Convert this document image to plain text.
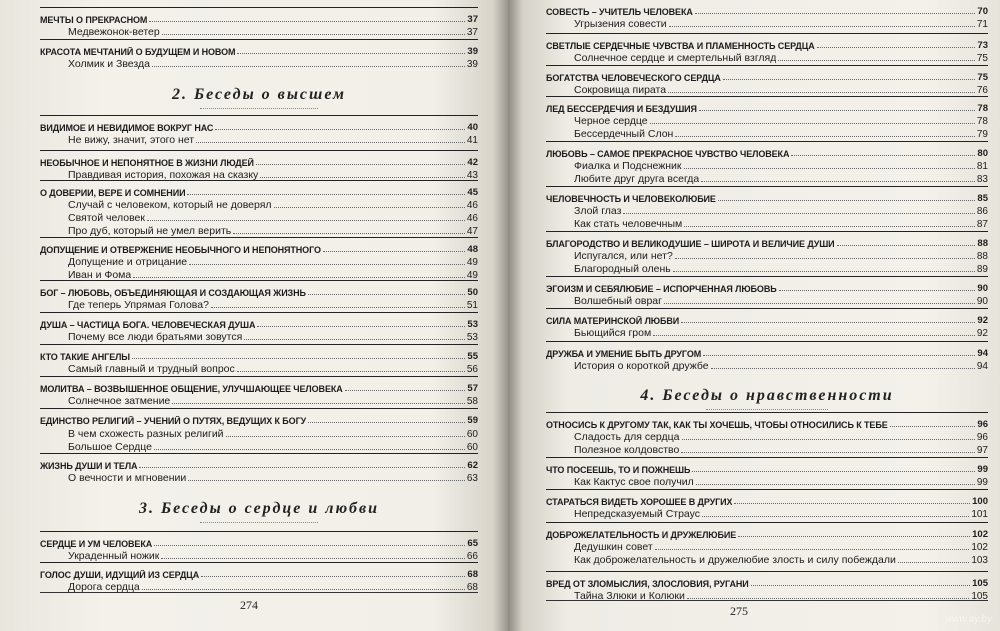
МЕЧТЫ О ПРЕКРАСНОМ	37
Медвежонок-ветер	37
КРАСОТА МЕЧТАНИЙ О БУДУЩЕМ И НОВОМ	39
Холмик и Звезда	39
2. Беседы о высшем
ВИДИМОЕ И НЕВИДИМОЕ ВОКРУГ НАС	40
Не вижу, значит, этого нет	41
НЕОБЫЧНОЕ И НЕПОНЯТНОЕ В ЖИЗНИ ЛЮДЕЙ	42
Правдивая история, похожая на сказку	43
О ДОВЕРИИ, ВЕРЕ И СОМНЕНИИ	45
Случай с человеком, который не доверял	46
Святой человек	46
Про дуб, который не умел верить	47
ДОПУЩЕНИЕ И ОТВЕРЖЕНИЕ НЕОБЫЧНОГО И НЕПОНЯТНОГО	48
Допущение и отрицание	49
Иван и Фома	49
БОГ – ЛЮБОВЬ, ОБЪЕДИНЯЮЩАЯ И СОЗДАЮЩАЯ ЖИЗНЬ	50
Где теперь Упрямая Голова?	51
ДУША – ЧАСТИЦА БОГА. ЧЕЛОВЕЧЕСКАЯ ДУША	53
Почему все люди братьями зовутся	53
КТО ТАКИЕ АНГЕЛЫ	55
Самый главный и трудный вопрос	56
МОЛИТВА – ВОЗВЫШЕННОЕ ОБЩЕНИЕ, УЛУЧШАЮЩЕЕ ЧЕЛОВЕКА	57
Солнечное затмение	58
ЕДИНСТВО РЕЛИГИЙ – УЧЕНИЙ О ПУТЯХ, ВЕДУЩИХ К БОГУ	59
В чем схожесть разных религий	60
Большое Сердце	60
ЖИЗНЬ ДУШИ И ТЕЛА	62
О вечности и мгновении	63
3. Беседы о сердце и любви
СЕРДЦЕ И УМ ЧЕЛОВЕКА	65
Украденный ножик	66
ГОЛОС ДУШИ, ИДУЩИЙ ИЗ СЕРДЦА	68
Дорога сердца	68
274
СОВЕСТЬ – УЧИТЕЛЬ ЧЕЛОВЕКА	70
Угрызения совести	71
СВЕТЛЫЕ СЕРДЕЧНЫЕ ЧУВСТВА И ПЛАМЕННОСТЬ СЕРДЦА	73
Солнечное сердце и смертельный взгляд	75
БОГАТСТВА ЧЕЛОВЕЧЕСКОГО СЕРДЦА	75
Сокровища пирата	76
ЛЕД БЕССЕРДЕЧИЯ И БЕЗДУШИЯ	78
Черное сердце	78
Бессердечный Слон	79
ЛЮБОВЬ – САМОЕ ПРЕКРАСНОЕ ЧУВСТВО ЧЕЛОВЕКА	80
Фиалка и Подснежник	81
Любите друг друга всегда	83
ЧЕЛОВЕЧНОСТЬ И ЧЕЛОВЕКОЛЮБИЕ	85
Злой глаз	86
Как стать человечным	87
БЛАГОРОДСТВО И ВЕЛИКОДУШИЕ – ШИРОТА И ВЕЛИЧИЕ ДУШИ	88
Испугался, или нет?	88
Благородный олень	89
ЭГОИЗМ И СЕБЯЛЮБИЕ – ИСПОРЧЕННАЯ ЛЮБОВЬ	90
Волшебный овраг	90
СИЛА МАТЕРИНСКОЙ ЛЮБВИ	92
Бьющийся гром	92
ДРУЖБА И УМЕНИЕ БЫТЬ ДРУГОМ	94
История о короткой дружбе	94
4. Беседы о нравственности
ОТНОСИСЬ К ДРУГОМУ ТАК, КАК ТЫ ХОЧЕШЬ, ЧТОБЫ ОТНОСИЛИСЬ К ТЕБЕ	96
Сладость для сердца	96
Полезное колдовство	97
ЧТО ПОСЕЕШЬ, ТО И ПОЖНЕШЬ	99
Как Кактус свое получил	99
СТАРАТЬСЯ ВИДЕТЬ ХОРОШЕЕ В ДРУГИХ	100
Непредсказуемый Страус	101
ДОБРОЖЕЛАТЕЛЬНОСТЬ И ДРУЖЕЛЮБИЕ	102
Дедушкин совет	102
Как доброжелательность и дружелюбие злость и силу побеждали	103
ВРЕД ОТ ЗЛОМЫСЛИЯ, ЗЛОСЛОВИЯ, РУГАНИ	105
Тайна Злюки и Колюки	105
275
www.ay.by
